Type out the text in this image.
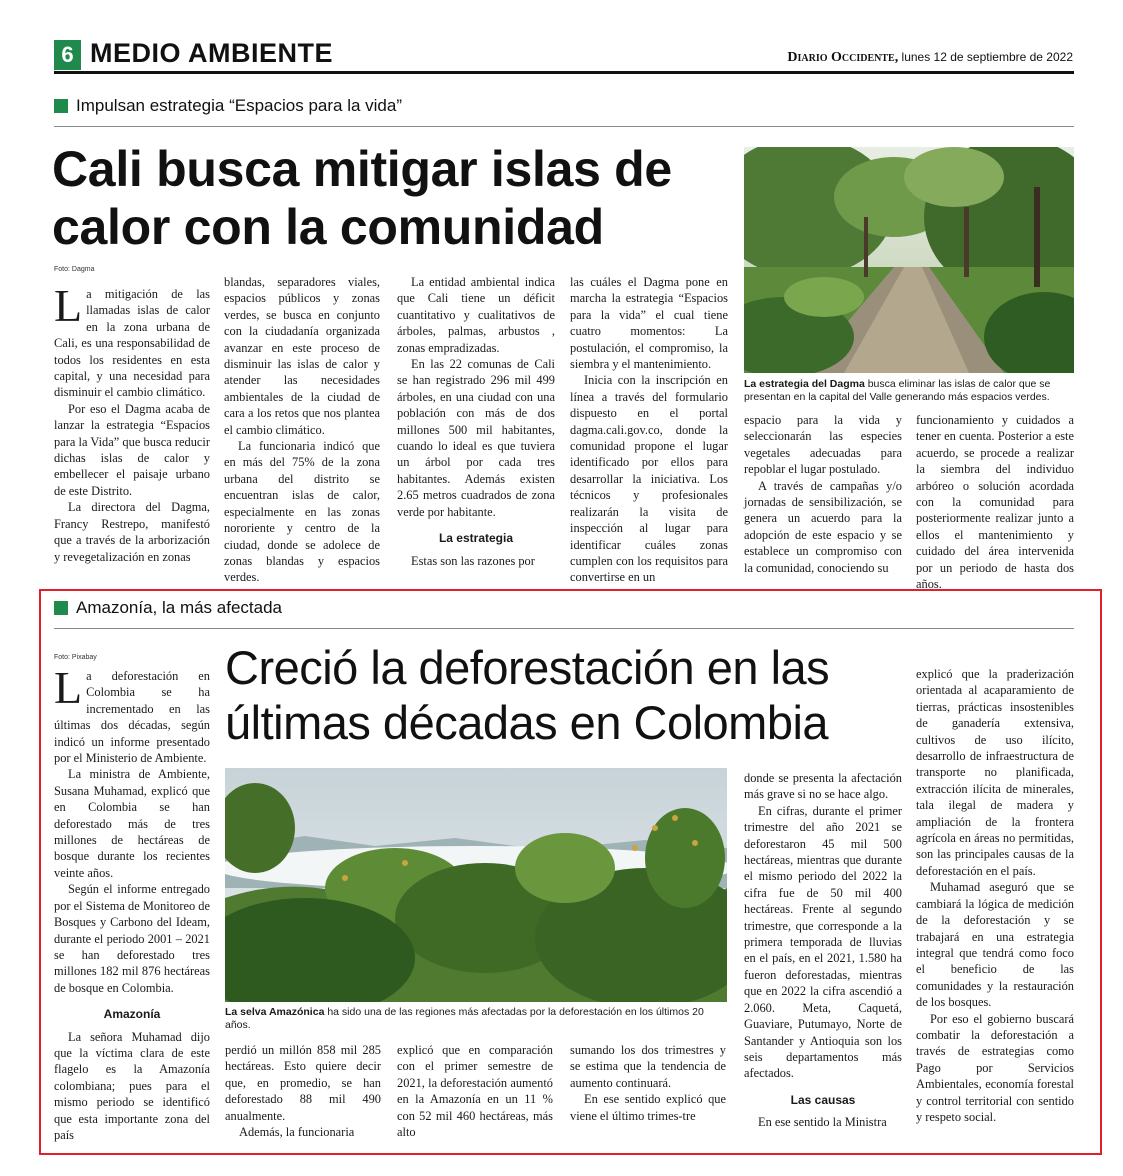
6 MEDIO AMBIENTE	Diario Occidente, lunes 12 de septiembre de 2022
Impulsan estrategia “Espacios para la vida”
Cali busca mitigar islas de calor con la comunidad
Foto: Dagma

La mitigación de las llamadas islas de calor en la zona urbana de Cali, es una responsabilidad de todos los residentes en esta capital, y una necesidad para disminuir el cambio climático.

Por eso el Dagma acaba de lanzar la estrategia “Espacios para la Vida” que busca reducir dichas islas de calor y embellecer el paisaje urbano de este Distrito.

La directora del Dagma, Francy Restrepo, manifestó que a través de la arborización y revegetalización en zonas

blandas, separadores viales, espacios públicos y zonas verdes, se busca en conjunto con la ciudadanía organizada avanzar en este proceso de disminuir las islas de calor y atender las necesidades ambientales de la ciudad de cara a los retos que nos plantea el cambio climático.

La funcionaria indicó que en más del 75% de la zona urbana del distrito se encuentran islas de calor, especialmente en las zonas nororiente y centro de la ciudad, donde se adolece de zonas blandas y espacios verdes.

La entidad ambiental indica que Cali tiene un déficit cuantitativo y cualitativos de árboles, palmas, arbustos , zonas empradizadas.

En las 22 comunas de Cali se han registrado 296 mil 499 árboles, en una ciudad con una población con más de dos millones 500 mil habitantes, cuando lo ideal es que tuviera un árbol por cada tres habitantes. Además existen 2.65 metros cuadrados de zona verde por habitante.

La estrategia

Estas son las razones por

las cuáles el Dagma pone en marcha la estrategia “Espacios para la vida” el cual tiene cuatro momentos: La postulación, el compromiso, la siembra y el mantenimiento.

Inicia con la inscripción en línea a través del formulario dispuesto en el portal dagma.cali.gov.co, donde la comunidad propone el lugar identificado por ellos para desarrollar la iniciativa. Los técnicos y profesionales realizarán la visita de inspección al lugar para identificar cuáles zonas cumplen con los requisitos para convertirse en un

La estrategia del Dagma busca eliminar las islas de calor que se presentan en la capital del Valle generando más espacios verdes.

espacio para la vida y seleccionarán las especies vegetales adecuadas para repoblar el lugar postulado.

A través de campañas y/o jornadas de sensibilización, se genera un acuerdo para la adopción de este espacio y se establece un compromiso con la comunidad, conociendo su

funcionamiento y cuidados a tener en cuenta. Posterior a este acuerdo, se procede a realizar la siembra del individuo arbóreo o solución acordada con la comunidad para posteriormente realizar junto a ellos el mantenimiento y cuidado del área intervenida por un periodo de hasta dos años.

Amazonía, la más afectada
Foto: Pixabay	Creció la deforestación en las últimas décadas en Colombia

La deforestación en Colombia se ha incrementado en las últimas dos décadas, según indicó un informe presentado por el Ministerio de Ambiente.

La ministra de Ambiente, Susana Muhamad, explicó que en Colombia se han deforestado más de tres millones de hectáreas de bosque durante los recientes veinte años.

Según el informe entregado por el Sistema de Monitoreo de Bosques y Carbono del Ideam, durante el periodo 2001 – 2021 se han deforestado tres millones 182 mil 876 hectáreas de bosque en Colombia.

Amazonía

La señora Muhamad dijo que la víctima clara de este flagelo es la Amazonía colombiana; pues para el mismo periodo se identificó que esta importante zona del país

La selva Amazónica ha sido una de las regiones más afectadas por la deforestación en los últimos 20 años.

perdió un millón 858 mil 285 hectáreas. Esto quiere decir que, en promedio, se han deforestado 88 mil 490 anualmente.

Además, la funcionaria

explicó que en comparación con el primer semestre de 2021, la deforestación aumentó en la Amazonía en un 11 % con 52 mil 460 hectáreas, más alto

sumando los dos trimestres y se estima que la tendencia de aumento continuará.

En ese sentido explicó que viene el último trimes-tre

donde se presenta la afectación más grave si no se hace algo.

En cifras, durante el primer trimestre del año 2021 se deforestaron 45 mil 500 hectáreas, mientras que durante el mismo periodo del 2022 la cifra fue de 50 mil 400 hectáreas. Frente al segundo trimestre, que corresponde a la primera temporada de lluvias en el país, en el 2021, 1.580 ha fueron deforestadas, mientras que en 2022 la cifra ascendió a 2.060. Meta, Caquetá, Guaviare, Putumayo, Norte de Santander y Antioquia son los seis departamentos más afectados.

Las causas

En ese sentido la Ministra

explicó que la praderización orientada al acaparamiento de tierras, prácticas insostenibles de ganadería extensiva, cultivos de uso ilícito, desarrollo de infraestructura de transporte no planificada, extracción ilícita de minerales, tala ilegal de madera y ampliación de la frontera agrícola en áreas no permitidas, son las principales causas de la deforestación en el país.

Muhamad aseguró que se cambiará la lógica de medición de la deforestación y se trabajará en una estrategia integral que tendrá como foco el beneficio de las comunidades y la restauración de los bosques.

Por eso el gobierno buscará combatir la deforestación a través de estrategias como Pago por Servicios Ambientales, economía forestal y control territorial con sentido y respeto social.
